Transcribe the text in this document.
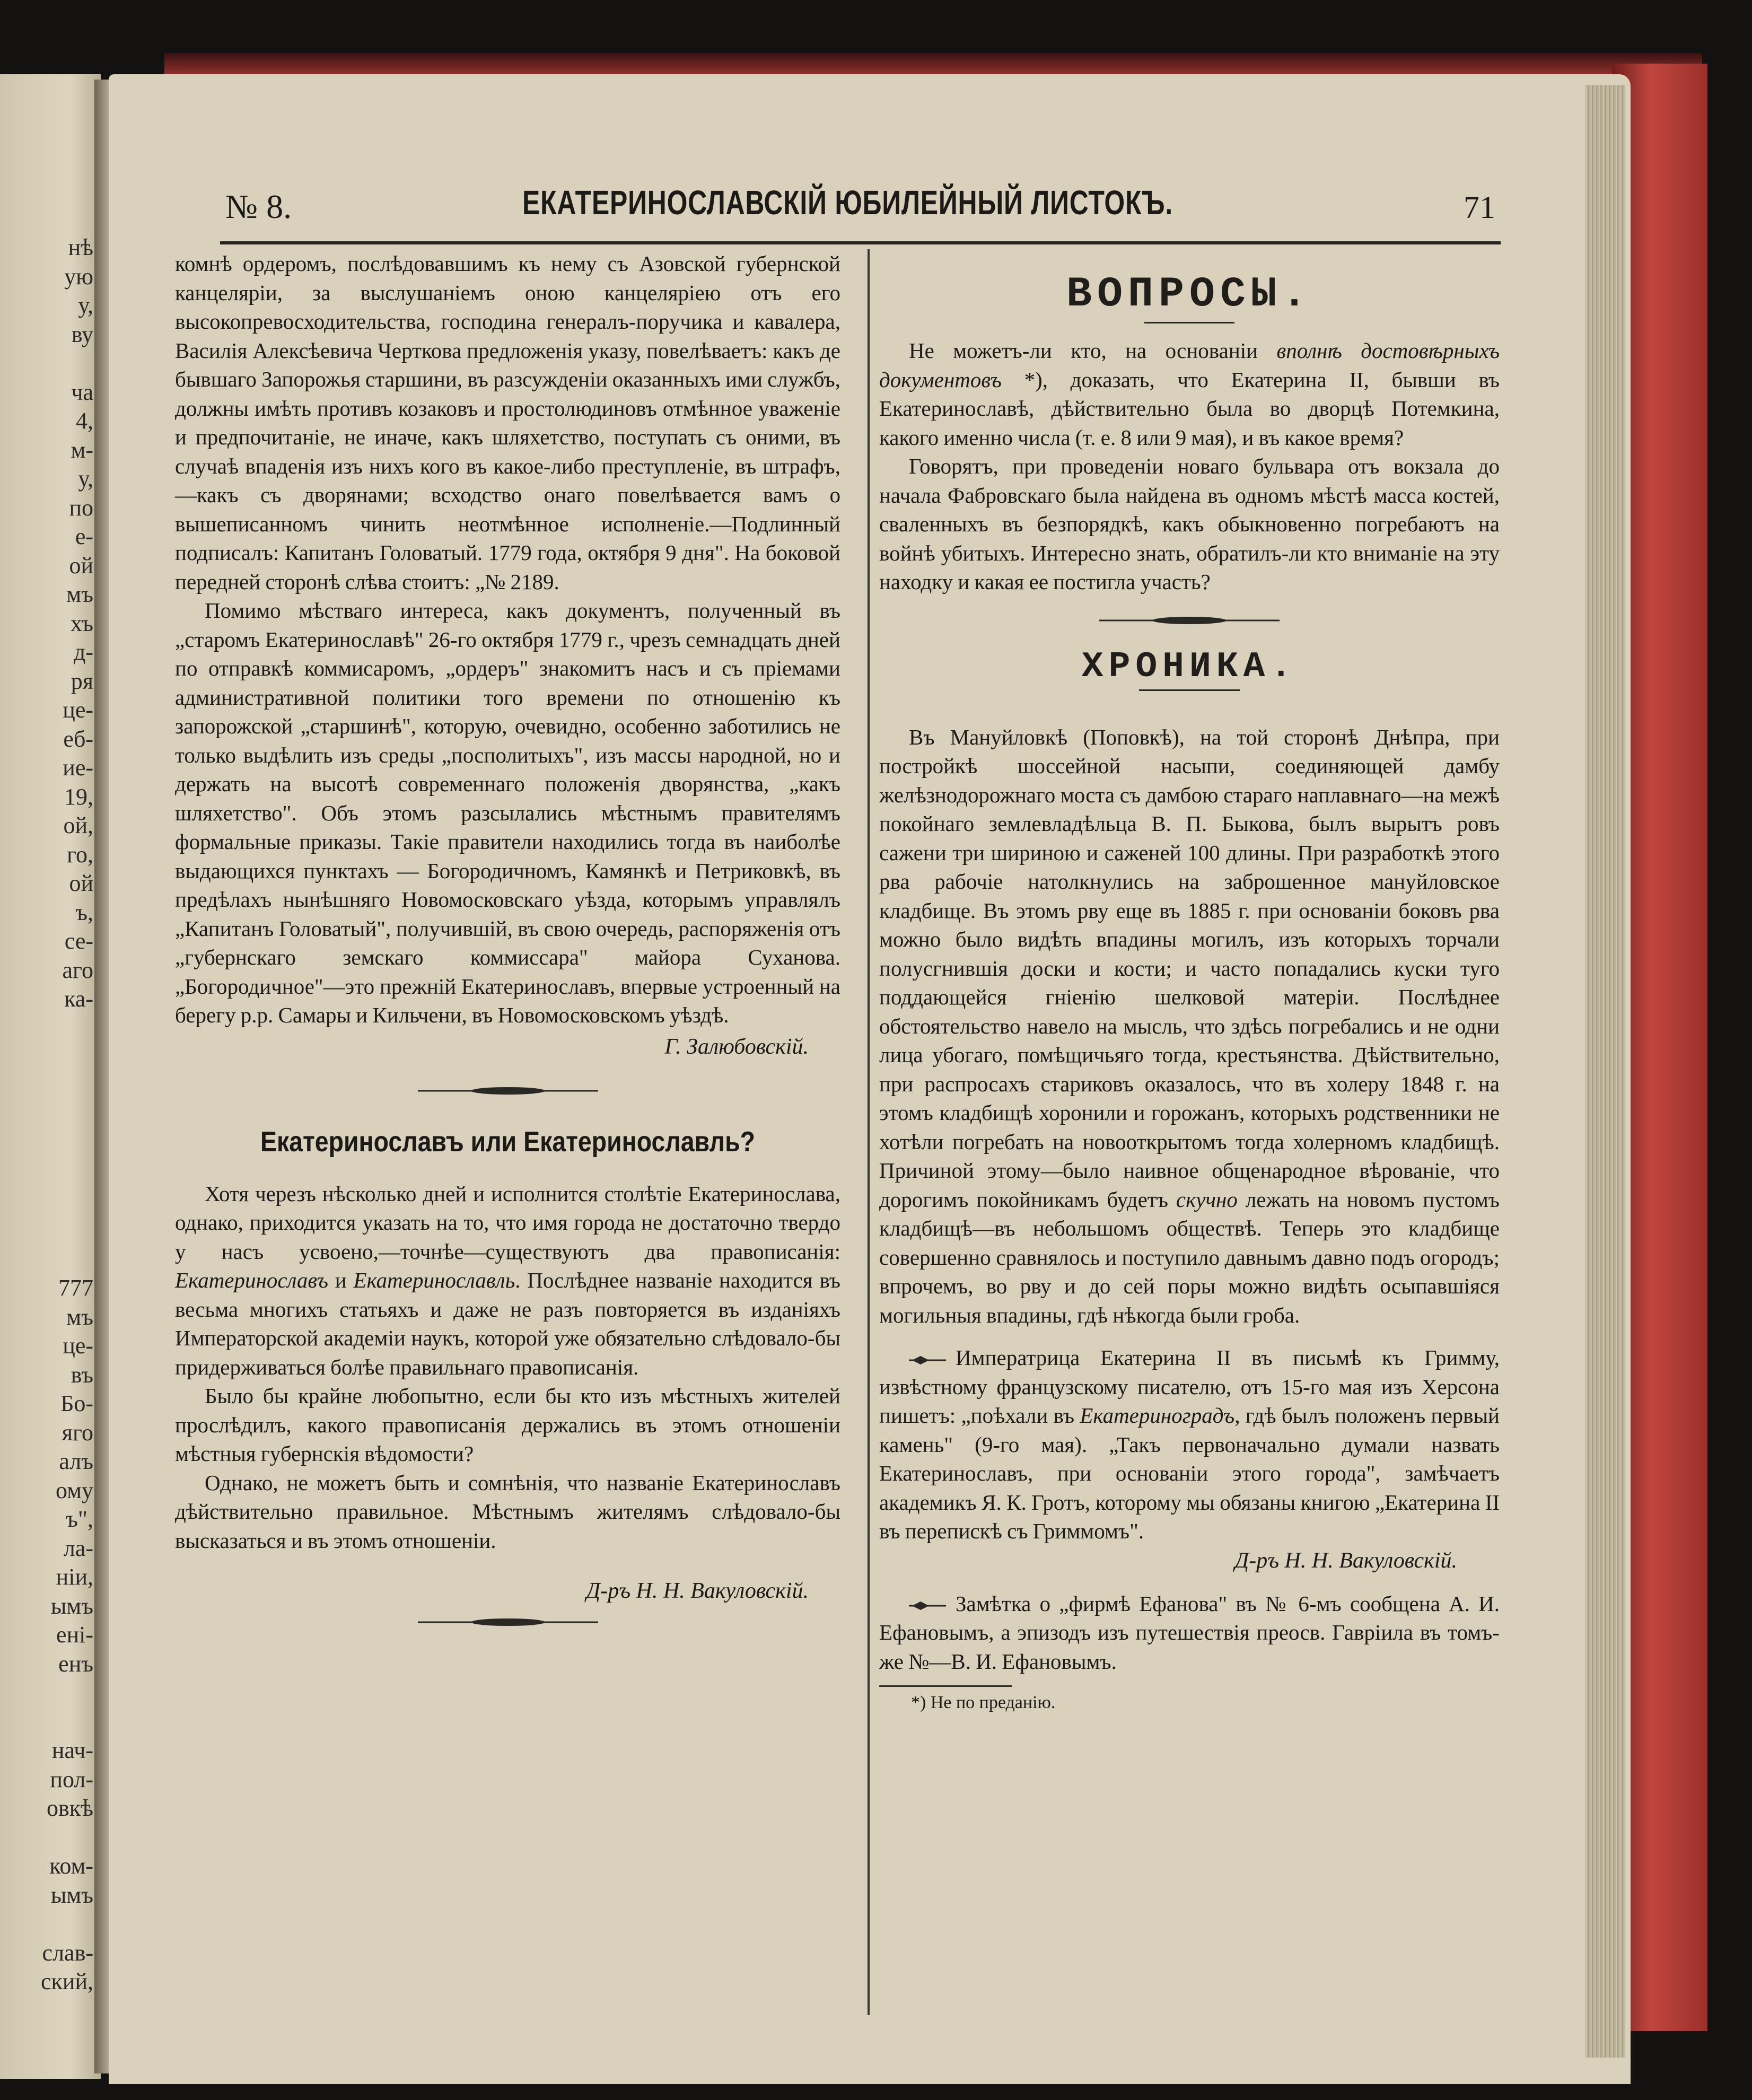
нѣ
ую
у,
ву

ча
4,
м-
у,
по
е-
ой
мъ
хъ
д-
ря
це-
еб-
ие-
19,
ой,
го,
ой
ъ,
се-
аго
ка-

777
мъ
це-
въ
Бо-
яго
алъ
ому
ъ",
ла-
ніи,
ымъ
ені-
енъ

нач-
пол-
овкѣ

ком-
ымъ

слав-
ский,
№ 8.	ЕКАТЕРИНОСЛАВСКІЙ ЮБИЛЕЙНЫЙ ЛИСТОКЪ.	71

комнѣ ордеромъ, послѣдовавшимъ къ нему съ Азовской губернской канцеляріи, за выслушаніемъ оною канцеляріею отъ его высокопревосходительства, господина генералъ-поручика и кавалера, Василія Алексѣевича Черткова предложенія указу, повелѣваетъ: какъ де бывшаго Запорожья старшини, въ разсужденіи оказанныхъ ими службъ, должны имѣть противъ козаковъ и простолюдиновъ отмѣнное уваженіе и предпочитаніе, не иначе, какъ шляхетство, поступать съ оними, въ случаѣ впаденія изъ нихъ кого въ какое-либо преступленіе, въ штрафъ,—какъ съ дворянами; всходство онаго повелѣвается вамъ о вышеписанномъ чинить неотмѣнное исполненіе.—Подлинный подписалъ: Капитанъ Головатый. 1779 года, октября 9 дня". На боковой передней сторонѣ слѣва стоитъ: „№ 2189.

Помимо мѣстваго интереса, какъ документъ, полученный въ „старомъ Екатеринославѣ" 26-го октября 1779 г., чрезъ семнадцать дней по отправкѣ коммисаромъ, „ордеръ" знакомитъ насъ и съ пріемами административной политики того времени по отношенію къ запорожской „старшинѣ", которую, очевидно, особенно заботились не только выдѣлить изъ среды „посполитыхъ", изъ массы народной, но и держать на высотѣ современнаго положенія дворянства, „какъ шляхетство". Объ этомъ разсылались мѣстнымъ правителямъ формальные приказы. Такіе правители находились тогда въ наиболѣе выдающихся пунктахъ — Богородичномъ, Камянкѣ и Петриковкѣ, въ предѣлахъ нынѣшняго Новомосковскаго уѣзда, которымъ управлялъ „Капитанъ Головатый", получившій, въ свою очередь, распоряженія отъ „губернскаго земскаго коммиссара" майора Суханова. „Богородичное"—это прежній Екатеринославъ, впервые устроенный на берегу р.р. Самары и Кильчени, въ Новомосковскомъ уѣздѣ.

Г. Залюбовскій.

Екатеринославъ или Екатеринославль?

Хотя черезъ нѣсколько дней и исполнится столѣтіе Екатеринослава, однако, приходится указать на то, что имя города не достаточно твердо у насъ усвоено,—точнѣе—существуютъ два правописанія: Екатеринославъ и Екатеринославль. Послѣднее названіе находится въ весьма многихъ статьяхъ и даже не разъ повторяется въ изданіяхъ Императорской академіи наукъ, которой уже обязательно слѣдовало-бы придерживаться болѣе правильнаго правописанія.

Было бы крайне любопытно, если бы кто изъ мѣстныхъ жителей прослѣдилъ, какого правописанія держались въ этомъ отношеніи мѣстныя губернскія вѣдомости?

Однако, не можетъ быть и сомнѣнія, что названіе Екатеринославъ дѣйствительно правильное. Мѣстнымъ жителямъ слѣдовало-бы высказаться и въ этомъ отношеніи.

Д-ръ Н. Н. Вакуловскій.

ВОПРОСЫ.

Не можетъ-ли кто, на основаніи вполнѣ достовѣрныхъ документовъ *), доказать, что Екатерина II, бывши въ Екатеринославѣ, дѣйствительно была во дворцѣ Потемкина, какого именно числа (т. е. 8 или 9 мая), и въ какое время?

Говорятъ, при проведеніи новаго бульвара отъ вокзала до начала Фабровскаго была найдена въ одномъ мѣстѣ масса костей, сваленныхъ въ безпорядкѣ, какъ обыкновенно погребаютъ на войнѣ убитыхъ. Интересно знать, обратилъ-ли кто вниманіе на эту находку и какая ее постигла участь?

ХРОНИКА.

Въ Мануйловкѣ (Поповкѣ), на той сторонѣ Днѣпра, при постройкѣ шоссейной насыпи, соединяющей дамбу желѣзнодорожнаго моста съ дамбою стараго наплавнаго—на межѣ покойнаго землевладѣльца В. П. Быкова, былъ вырытъ ровъ сажени три шириною и саженей 100 длины. При разработкѣ этого рва рабочіе натолкнулись на заброшенное мануйловское кладбище. Въ этомъ рву еще въ 1885 г. при основаніи боковъ рва можно было видѣть впадины могилъ, изъ которыхъ торчали полусгнившія доски и кости; и часто попадались куски туго поддающейся гніенію шелковой матеріи. Послѣднее обстоятельство навело на мысль, что здѣсь погребались и не одни лица убогаго, помѣщичьяго тогда, крестьянства. Дѣйствительно, при распросахъ стариковъ оказалось, что въ холеру 1848 г. на этомъ кладбищѣ хоронили и горожанъ, которыхъ родственники не хотѣли погребать на новооткрытомъ тогда холерномъ кладбищѣ. Причиной этому—было наивное общенародное вѣрованіе, что дорогимъ покойникамъ будетъ скучно лежать на новомъ пустомъ кладбищѣ—въ небольшомъ обществѣ. Теперь это кладбище совершенно сравнялось и поступило давнымъ давно подъ огородъ; впрочемъ, во рву и до сей поры можно видѣть осыпавшіяся могильныя впадины, гдѣ нѣкогда были гроба.

Императрица Екатерина II въ письмѣ къ Гримму, извѣстному французскому писателю, отъ 15-го мая изъ Херсона пишетъ: „поѣхали въ Екатериноградъ, гдѣ былъ положенъ первый камень" (9-го мая). „Такъ первоначально думали назвать Екатеринославъ, при основаніи этого города", замѣчаетъ академикъ Я. К. Гротъ, которому мы обязаны книгою „Екатерина II въ перепискѣ съ Гриммомъ".

Д-ръ Н. Н. Вакуловскій.

Замѣтка о „фирмѣ Ефанова" въ № 6-мъ сообщена А. И. Ефановымъ, а эпизодъ изъ путешествія преосв. Гавріила въ томъ-же №—В. И. Ефановымъ.

*) Не по преданію.
